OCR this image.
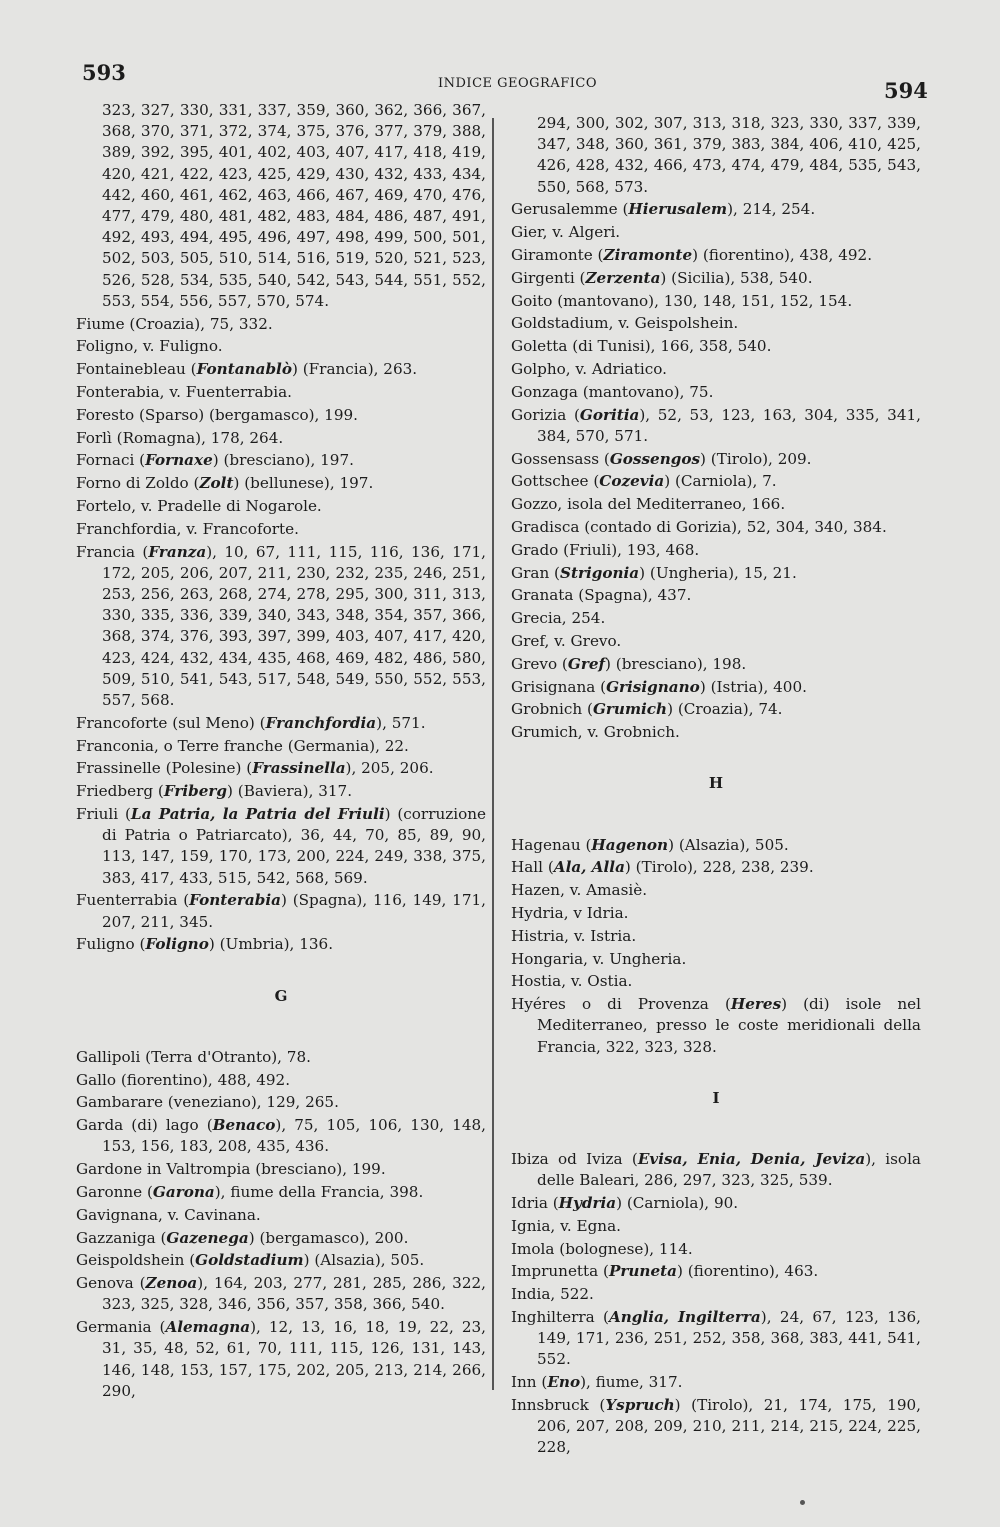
593	INDICE GEOGRAFICO	594
323, 327, 330, 331, 337, 359, 360, 362, 366, 367, 368, 370, 371, 372, 374, 375, 376, 377, 379, 388, 389, 392, 395, 401, 402, 403, 407, 417, 418, 419, 420, 421, 422, 423, 425, 429, 430, 432, 433, 434, 442, 460, 461, 462, 463, 466, 467, 469, 470, 476, 477, 479, 480, 481, 482, 483, 484, 486, 487, 491, 492, 493, 494, 495, 496, 497, 498, 499, 500, 501, 502, 503, 505, 510, 514, 516, 519, 520, 521, 523, 526, 528, 534, 535, 540, 542, 543, 544, 551, 552, 553, 554, 556, 557, 570, 574.
Fiume (Croazia), 75, 332.
Foligno, v. Fuligno.
Fontainebleau (Fontanablò) (Francia), 263.
Fonterabia, v. Fuenterrabia.
Foresto (Sparso) (bergamasco), 199.
Forlì (Romagna), 178, 264.
Fornaci (Fornaxe) (bresciano), 197.
Forno di Zoldo (Zolt) (bellunese), 197.
Fortelo, v. Pradelle di Nogarole.
Franchfordia, v. Francoforte.
Francia (Franza), 10, 67, 111, 115, 116, 136, 171, 172, 205, 206, 207, 211, 230, 232, 235, 246, 251, 253, 256, 263, 268, 274, 278, 295, 300, 311, 313, 330, 335, 336, 339, 340, 343, 348, 354, 357, 366, 368, 374, 376, 393, 397, 399, 403, 407, 417, 420, 423, 424, 432, 434, 435, 468, 469, 482, 486, 580, 509, 510, 541, 543, 517, 548, 549, 550, 552, 553, 557, 568.
Francoforte (sul Meno) (Franchfordia), 571.
Franconia, o Terre franche (Germania), 22.
Frassinelle (Polesine) (Frassinella), 205, 206.
Friedberg (Friberg) (Baviera), 317.
Friuli (La Patria, la Patria del Friuli) (corruzione di Patria o Patriarcato), 36, 44, 70, 85, 89, 90, 113, 147, 159, 170, 173, 200, 224, 249, 338, 375, 383, 417, 433, 515, 542, 568, 569.
Fuenterrabia (Fonterabia) (Spagna), 116, 149, 171, 207, 211, 345.
Fuligno (Foligno) (Umbria), 136.
G
Gallipoli (Terra d'Otranto), 78.
Gallo (fiorentino), 488, 492.
Gambarare (veneziano), 129, 265.
Garda (di) lago (Benaco), 75, 105, 106, 130, 148, 153, 156, 183, 208, 435, 436.
Gardone in Valtrompia (bresciano), 199.
Garonne (Garona), fiume della Francia, 398.
Gavignana, v. Cavinana.
Gazzaniga (Gazenega) (bergamasco), 200.
Geispoldshein (Goldstadium) (Alsazia), 505.
Genova (Zenoa), 164, 203, 277, 281, 285, 286, 322, 323, 325, 328, 346, 356, 357, 358, 366, 540.
Germania (Alemagna), 12, 13, 16, 18, 19, 22, 23, 31, 35, 48, 52, 61, 70, 111, 115, 126, 131, 143, 146, 148, 153, 157, 175, 202, 205, 213, 214, 266, 290,
294, 300, 302, 307, 313, 318, 323, 330, 337, 339, 347, 348, 360, 361, 379, 383, 384, 406, 410, 425, 426, 428, 432, 466, 473, 474, 479, 484, 535, 543, 550, 568, 573.
Gerusalemme (Hierusalem), 214, 254.
Gier, v. Algeri.
Giramonte (Ziramonte) (fiorentino), 438, 492.
Girgenti (Zerzenta) (Sicilia), 538, 540.
Goito (mantovano), 130, 148, 151, 152, 154.
Goldstadium, v. Geispolshein.
Goletta (di Tunisi), 166, 358, 540.
Golpho, v. Adriatico.
Gonzaga (mantovano), 75.
Gorizia (Goritia), 52, 53, 123, 163, 304, 335, 341, 384, 570, 571.
Gossensass (Gossengos) (Tirolo), 209.
Gottschee (Cozevia) (Carniola), 7.
Gozzo, isola del Mediterraneo, 166.
Gradisca (contado di Gorizia), 52, 304, 340, 384.
Grado (Friuli), 193, 468.
Gran (Strigonia) (Ungheria), 15, 21.
Granata (Spagna), 437.
Grecia, 254.
Gref, v. Grevo.
Grevo (Gref) (bresciano), 198.
Grisignana (Grisignano) (Istria), 400.
Grobnich (Grumich) (Croazia), 74.
Grumich, v. Grobnich.
H
Hagenau (Hagenon) (Alsazia), 505.
Hall (Ala, Alla) (Tirolo), 228, 238, 239.
Hazen, v. Amasiè.
Hydria, v Idria.
Histria, v. Istria.
Hongaria, v. Ungheria.
Hostia, v. Ostia.
Hyéres o di Provenza (Heres) (di) isole nel Mediterraneo, presso le coste meridionali della Francia, 322, 323, 328.
I
Ibiza od Iviza (Evisa, Enia, Denia, Jeviza), isola delle Baleari, 286, 297, 323, 325, 539.
Idria (Hydria) (Carniola), 90.
Ignia, v. Egna.
Imola (bolognese), 114.
Imprunetta (Pruneta) (fiorentino), 463.
India, 522.
Inghilterra (Anglia, Ingilterra), 24, 67, 123, 136, 149, 171, 236, 251, 252, 358, 368, 383, 441, 541, 552.
Inn (Eno), fiume, 317.
Innsbruck (Yspruch) (Tirolo), 21, 174, 175, 190, 206, 207, 208, 209, 210, 211, 214, 215, 224, 225, 228,
